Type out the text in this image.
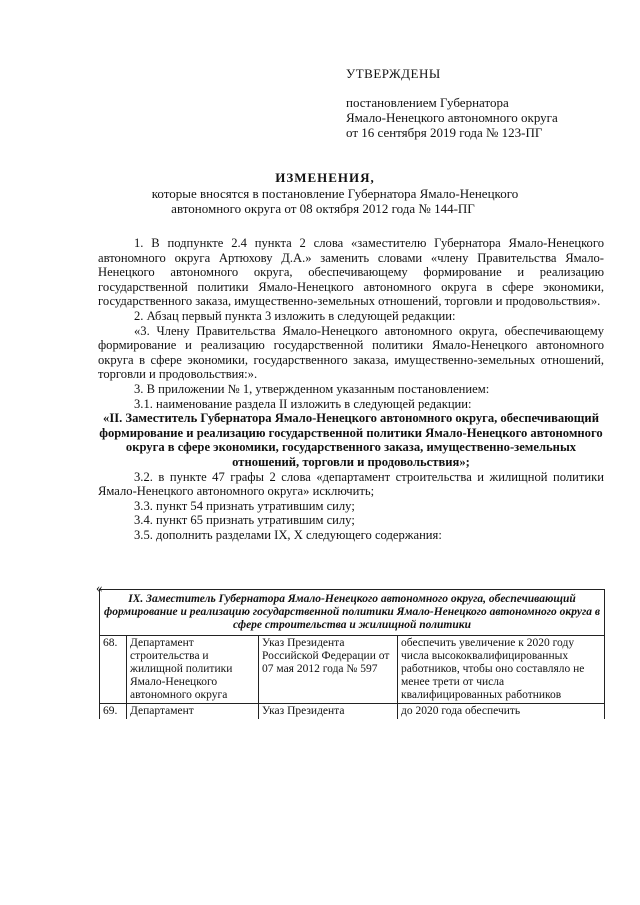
УТВЕРЖДЕНЫ
постановлением Губернатора
Ямало-Ненецкого автономного округа
от 16 сентября 2019 года № 123-ПГ
ИЗМЕНЕНИЯ,
которые вносятся в постановление Губернатора Ямало-Ненецкого
автономного округа от 08 октября 2012 года № 144-ПГ

1. В подпункте 2.4 пункта 2 слова «заместителю Губернатора Ямало-Ненецкого автономного округа Артюхову Д.А.» заменить словами «члену Правительства Ямало-Ненецкого автономного округа, обеспечивающему формирование и реализацию государственной политики Ямало-Ненецкого автономного округа в сфере экономики, государственного заказа, имущественно-земельных отношений, торговли и продовольствия».

2. Абзац первый пункта 3 изложить в следующей редакции:

«3. Члену Правительства Ямало-Ненецкого автономного округа, обеспечивающему формирование и реализацию государственной политики Ямало-Ненецкого автономного округа в сфере экономики, государственного заказа, имущественно-земельных отношений, торговли и продовольствия:».

3. В приложении № 1, утвержденном указанным постановлением:

3.1. наименование раздела II изложить в следующей редакции:

«II. Заместитель Губернатора Ямало-Ненецкого автономного округа, обеспечивающий формирование и реализацию государственной политики Ямало-Ненецкого автономного округа в сфере экономики, государственного заказа, имущественно-земельных отношений, торговли и продовольствия»;

3.2. в пункте 47 графы 2 слова «департамент строительства и жилищной политики Ямало-Ненецкого автономного округа» исключить;

3.3. пункт 54 признать утратившим силу;

3.4. пункт 65 признать утратившим силу;

3.5. дополнить разделами IX, X следующего содержания:

«
IX. Заместитель Губернатора Ямало-Ненецкого автономного округа, обеспечивающий формирование и реализацию государственной политики Ямало-Ненецкого автономного округа в сфере строительства и жилищной политики			
68.	Департамент строительства и жилищной политики Ямало-Ненецкого автономного округа	Указ Президента Российской Федерации от 07 мая 2012 года № 597	обеспечить увеличение к 2020 году числа высококвалифицированных работников, чтобы оно составляло не менее трети от числа квалифицированных работников
69.	Департамент	Указ Президента	до 2020 года обеспечить
